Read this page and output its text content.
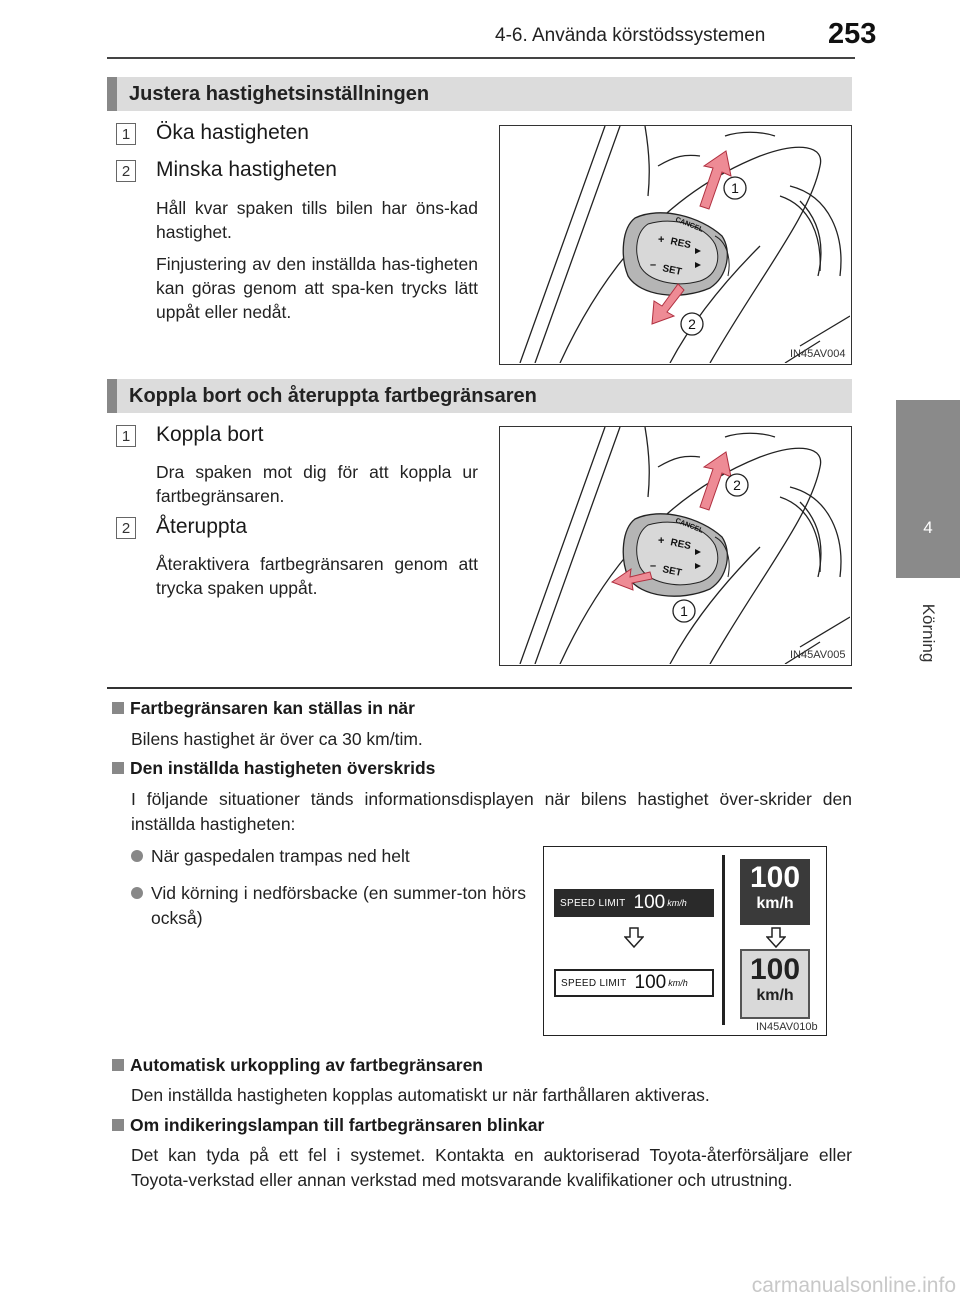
4-6. Använda körstödssystemen 253
4
Körning
Justera hastighetsinställningen
1 Öka hastigheten
2 Minska hastigheten
Håll kvar spaken tills bilen har öns-kad hastighet.
Finjustering av den inställda has-tigheten kan göras genom att spa-ken trycks lätt uppåt eller nedåt.
+ RES
– SET
CANCEL
1
2
IN45AV004
Koppla bort och återuppta fartbegränsaren
1 Koppla bort
Dra spaken mot dig för att koppla ur fartbegränsaren.
2 Återuppta
Återaktivera fartbegränsaren genom att trycka spaken uppåt.
+ RES
– SET
CANCEL
2
1
IN45AV005
Fartbegränsaren kan ställas in när
Bilens hastighet är över ca 30 km/tim.
Den inställda hastigheten överskrids
I följande situationer tänds informationsdisplayen när bilens hastighet över-skrider den inställda hastigheten:
När gaspedalen trampas ned helt
Vid körning i nedförsbacke (en summer-ton hörs också)
SPEED LIMIT 100 km/h
SPEED LIMIT 100 km/h
100
km/h
100
km/h
IN45AV010b
Automatisk urkoppling av fartbegränsaren
Den inställda hastigheten kopplas automatiskt ur när farthållaren aktiveras.
Om indikeringslampan till fartbegränsaren blinkar
Det kan tyda på ett fel i systemet. Kontakta en auktoriserad Toyota-återförsäljare eller Toyota-verkstad eller annan verkstad med motsvarande kvalifikationer och utrustning.
carmanualsonline.info
